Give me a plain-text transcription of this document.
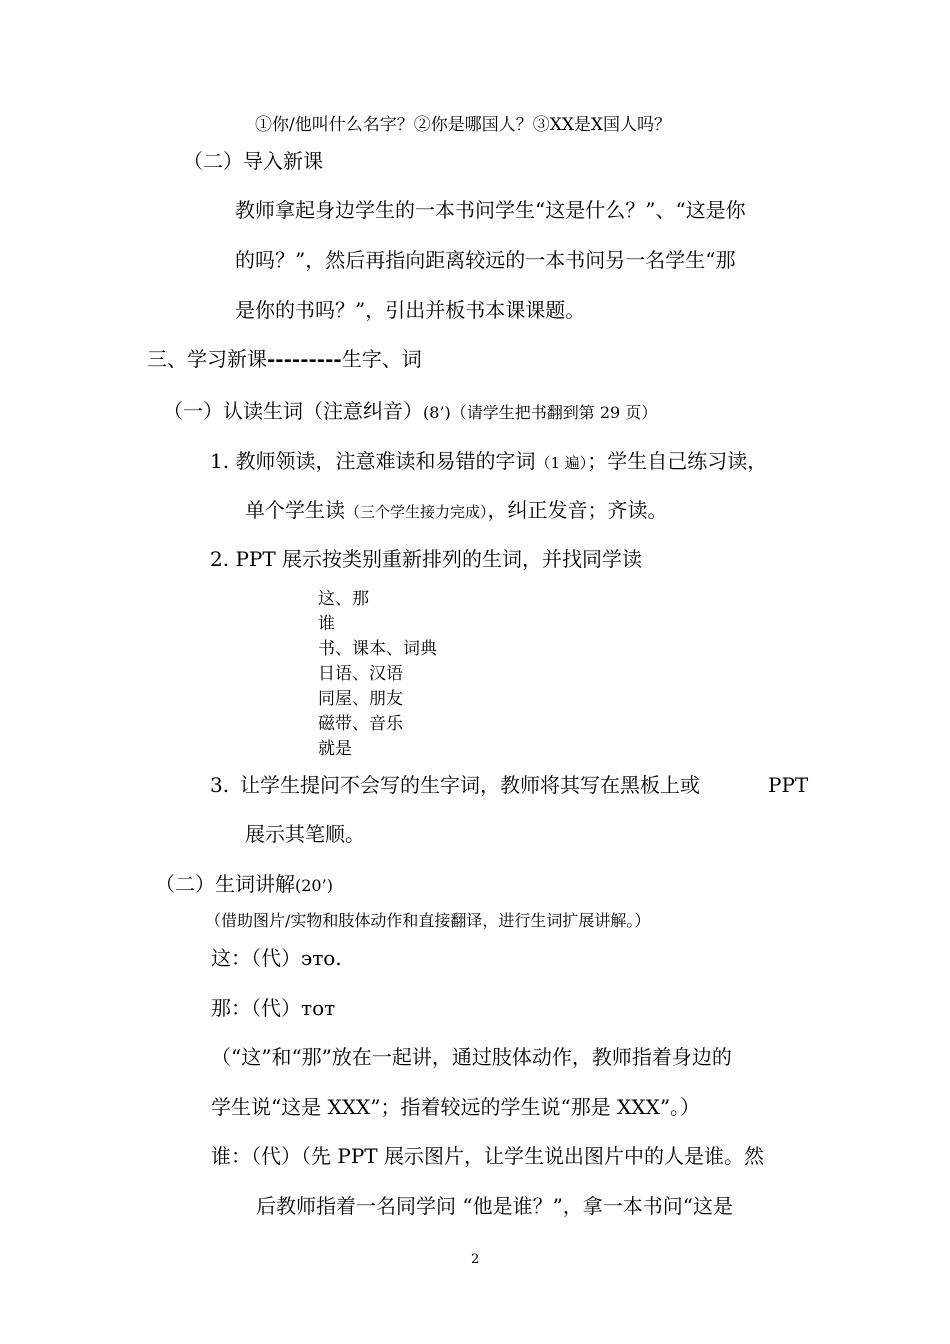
①你/他叫什么名字？②你是哪国人？③XX是X国人吗？
（二）导入新课
教师拿起身边学生的一本书问学生“这是什么？”、“这是你
的吗？”，然后再指向距离较远的一本书问另一名学生“那
是你的书吗？”，引出并板书本课课题。
三、学习新课---------生字、词
（一）认读生词（注意纠音）(8’)（请学生把书翻到第 29 页）
1. 教师领读，注意难读和易错的字词（1 遍）；学生自己练习读，
单个学生读（三个学生接力完成），纠正发音；齐读。
2. PPT 展示按类别重新排列的生词，并找同学读
这、那
谁
书、课本、词典
日语、汉语
同屋、朋友
磁带、音乐
就是
3. 让学生提问不会写的生字词，教师将其写在黑板上或	PPT
展示其笔顺。
（二）生词讲解(20’)
（借助图片/实物和肢体动作和直接翻译，进行生词扩展讲解。）
这：（代）это.
那：（代）тот
（“这”和“那”放在一起讲，通过肢体动作，教师指着身边的
学生说“这是 XXX”；指着较远的学生说“那是 XXX”。）
谁：（代）（先 PPT 展示图片，让学生说出图片中的人是谁。然
后教师指着一名同学问 “他是谁？”，拿一本书问“这是
2
